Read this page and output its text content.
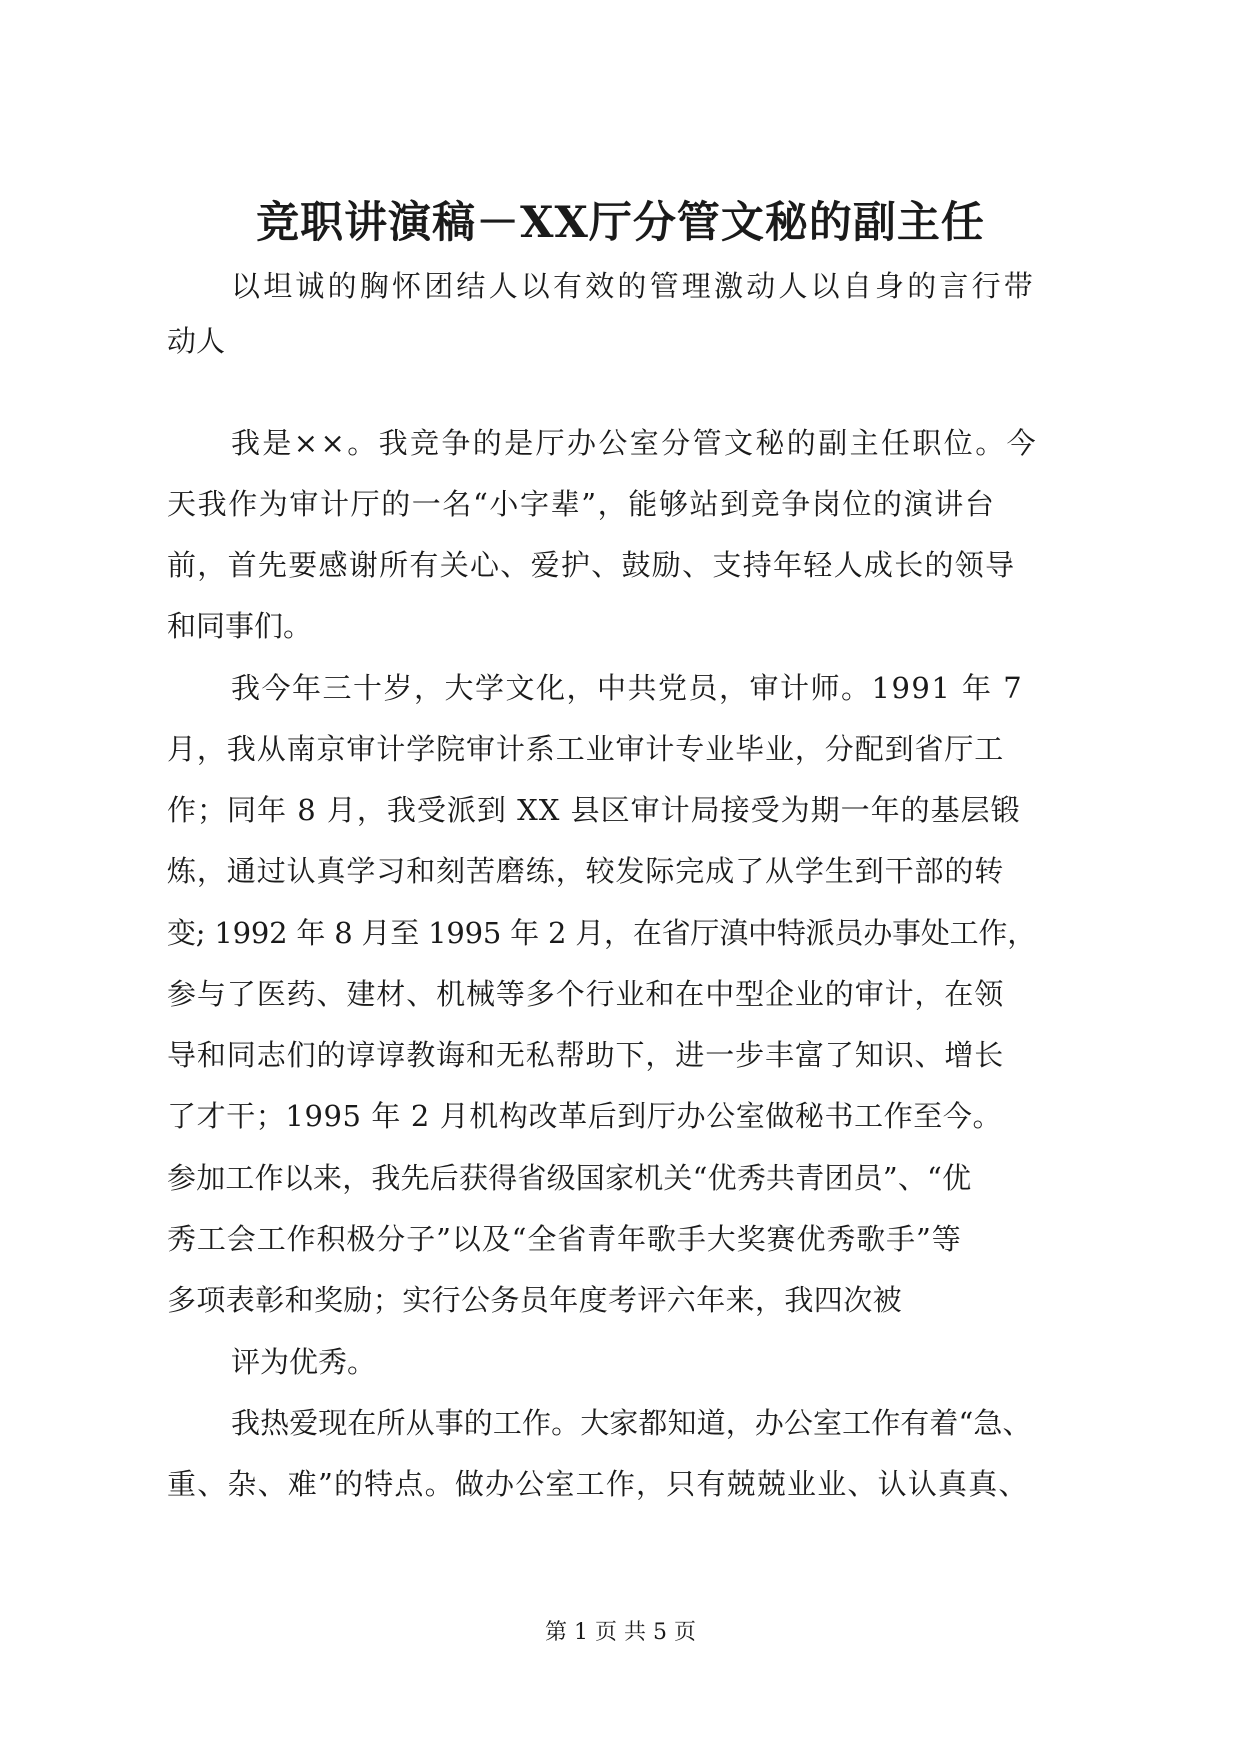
竞职讲演稿－XX厅分管文秘的副主任
以坦诚的胸怀团结人以有效的管理激动人以自身的言行带
动人
我是××。我竞争的是厅办公室分管文秘的副主任职位。今
天我作为审计厅的一名“小字辈”，能够站到竞争岗位的演讲台
前，首先要感谢所有关心、爱护、鼓励、支持年轻人成长的领导
和同事们。
我今年三十岁，大学文化，中共党员，审计师。1991 年 7
月，我从南京审计学院审计系工业审计专业毕业，分配到省厅工
作；同年 8 月，我受派到 XX 县区审计局接受为期一年的基层锻
炼，通过认真学习和刻苦磨练，较发际完成了从学生到干部的转
变; 1992 年 8 月至 1995 年 2 月，在省厅滇中特派员办事处工作，
参与了医药、建材、机械等多个行业和在中型企业的审计，在领
导和同志们的谆谆教诲和无私帮助下，进一步丰富了知识、增长
了才干；1995 年 2 月机构改革后到厅办公室做秘书工作至今。
参加工作以来，我先后获得省级国家机关“优秀共青团员”、“优
秀工会工作积极分子”以及“全省青年歌手大奖赛优秀歌手”等
多项表彰和奖励；实行公务员年度考评六年来，我四次被
评为优秀。
我热爱现在所从事的工作。大家都知道，办公室工作有着“急、
重、杂、难”的特点。做办公室工作，只有兢兢业业、认认真真、
第 1 页 共 5 页
